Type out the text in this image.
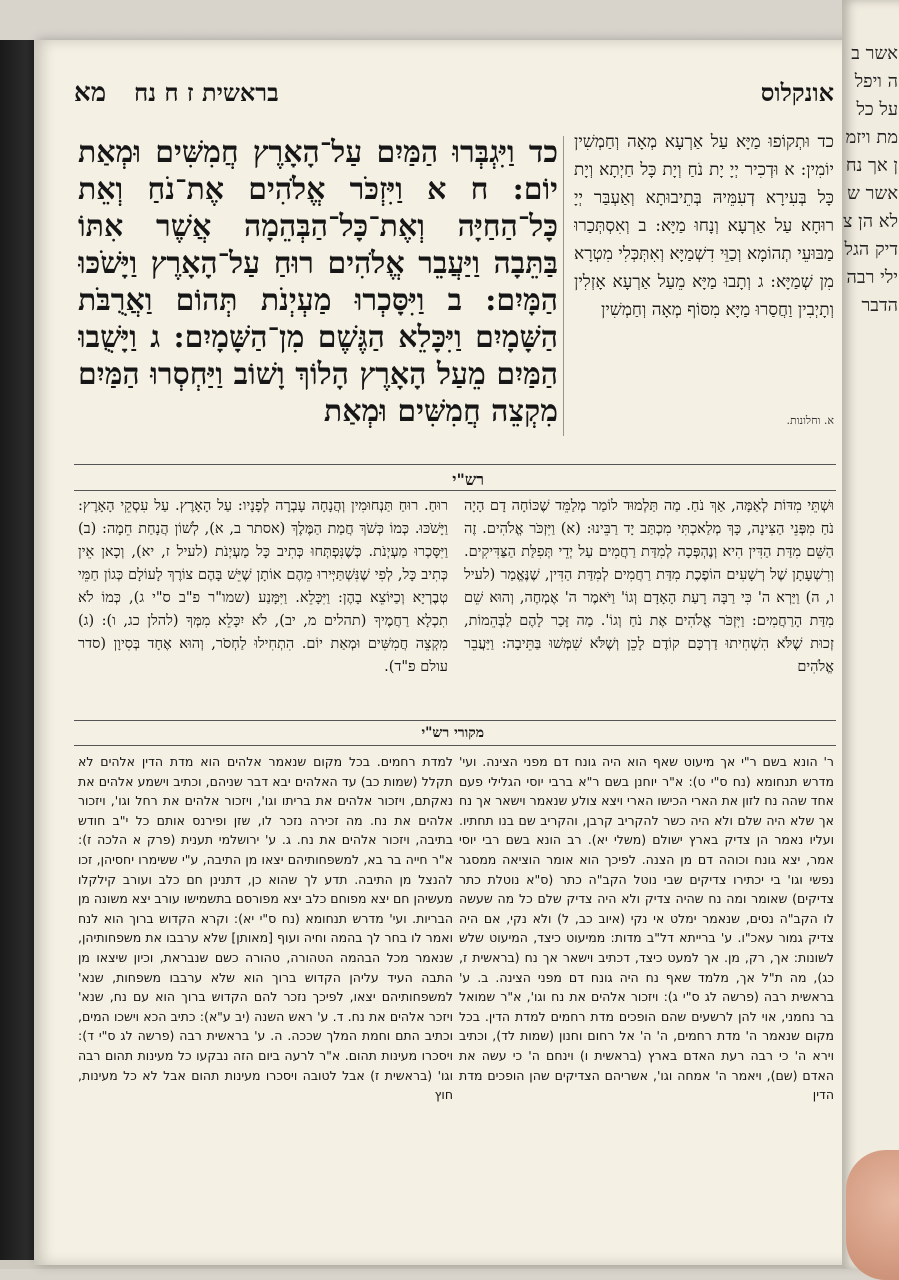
אונקלוס
בראשית ז ח נח
מא
כד וּתְקוֹפוּ מַיָּא עַל אַרְעָא מְאָה וְחַמְשִׁין יוֹמִין: א וּדְכִיר יְיָ יָת נֹחַ וְיָת כָּל חַיְתָא וְיָת כָּל בְּעִירָא דְעִמֵּיהּ בְּתֵיבוּתָא וְאַעְבַּר יְיָ רוּחָא עַל אַרְעָא וְנָחוּ מַיָּא: ב וְאִסְתְּכַרוּ מַבּוּעֵי תְהוֹמָא וְכַוֵּי דִשְׁמַיָּא וְאִתְּכְּלִי מִטְרָא מִן שְׁמַיָּא: ג וְתָבוּ מַיָּא מֵעַל אַרְעָא אָזְלִין וְתָיְבִין וַחֲסַרוּ מַיָּא מִסּוֹף מְאָה וְחַמְשִׁין
א. וחלונות.
כד וַיִּגְבְּרוּ הַמַּיִם עַל־הָאָרֶץ חֲמִשִּׁים וּמְאַת יוֹם: ח א וַיִּזְכֹּר אֱלֹהִים אֶת־נֹחַ וְאֵת כָּל־הַחַיָּה וְאֶת־כָּל־הַבְּהֵמָה אֲשֶׁר אִתּוֹ בַּתֵּבָה וַיַּעֲבֵר אֱלֹהִים רוּחַ עַל־הָאָרֶץ וַיָּשֹׁכּוּ הַמָּיִם: ב וַיִּסָּכְרוּ מַעְיְנֹת תְּהוֹם וַאֲרֻבֹּת הַשָּׁמָיִם וַיִּכָּלֵא הַגֶּשֶׁם מִן־הַשָּׁמָיִם: ג וַיָּשֻׁבוּ הַמַּיִם מֵעַל הָאָרֶץ הָלוֹךְ וָשׁוֹב וַיַּחְסְרוּ הַמַּיִם מִקְצֵה חֲמִשִּׁים וּמְאַת
רש"י
וּשְׁתֵּי מִדּוֹת לְאַמָּה, אַךְ נֹחַ. מַה תַּלְמוּד לוֹמַר מְלַמֵּד שֶׁכּוֹחָה דָם הָיָה נֹחַ מִפְּנֵי הַצִּינָה, כָּךְ מְלַאכְתִּי מִכְתַּב יָד רַבֵּינוּ: (א) וַיִּזְכֹּר אֱלֹהִים. זֶה הַשֵּׁם מִדַּת הַדִּין הִיא וְנֶהְפְּכָה לְמִדַּת רַחֲמִים עַל יְדֵי תְּפִלַּת הַצַּדִּיקִים. וְרִשְׁעָתָן שֶׁל רְשָׁעִים הוֹפֶכֶת מִדַּת רַחֲמִים לְמִדַּת הַדִּין, שֶׁנֶּאֱמַר (לעיל ו, ה) וַיַּרְא ה' כִּי רַבָּה רָעַת הָאָדָם וְגוֹ' וַיֹּאמֶר ה' אֶמְחֶה, וְהוּא שֵׁם מִדַּת הָרַחֲמִים: וַיִּזְכֹּר אֱלֹהִים אֶת נֹחַ וְגוֹ'. מַה זָּכַר לָהֶם לַבְּהֵמוֹת, זְכוּת שֶׁלֹּא הִשְׁחִיתוּ דַרְכָּם קוֹדֶם לָכֵן וְשֶׁלֹּא שִׁמְּשׁוּ בַּתֵּיבָה: וַיַּעֲבֵר אֱלֹהִים
רוּחַ. רוּחַ תַּנְחוּמִין וְהֲנָחָה עָבְרָה לְפָנָיו: עַל הָאָרֶץ. עַל עִסְקֵי הָאָרֶץ: וַיָּשֹׁכּוּ. כְּמוֹ כְּשֹׁךְ חֲמַת הַמֶּלֶךְ (אסתר ב, א), לְשׁוֹן הֲנָחַת חֵמָה: (ב) וַיִּסָּכְרוּ מַעְיְנֹת. כְּשֶׁנִּפְתְּחוּ כְּתִיב כָּל מַעְיְנֹת (לעיל ז, יא), וְכָאן אֵין כְּתִיב כָּל, לְפִי שֶׁנִּשְׁתַּיְּירוּ מֵהֶם אוֹתָן שֶׁיֵּשׁ בָּהֶם צוֹרֶךְ לָעוֹלָם כְּגוֹן חַמֵּי טְבֶרְיָא וְכַיּוֹצֵא בָהֶן: וַיִּכָּלֵא. וַיִּמָּנַע (שמו"ר פ"ב ס"י ג), כְּמוֹ לֹא תִכְלָא רַחֲמֶיךָ (תהלים מ, יב), לֹא יִכָּלֵא מִמְּךָ (להלן כג, ו): (ג) מִקְצֵה חֲמִשִּׁים וּמְאַת יוֹם. הִתְחִילוּ לַחְסֹר, וְהוּא אֶחָד בְּסִיוָן (סדר עולם פ"ד).
מקורי רש"י
ר' הונא בשם ר"י אך מיעוט שאף הוא היה גונח דם מפני הצינה. ועי' מדרש תנחומא (נח ס"י ט): א"ר יוחנן בשם ר"א ברבי יוסי הגלילי פעם אחד שהה נח לזון את הארי הכישו הארי ויצא צולע שנאמר וישאר אך נח אך שלא היה שלם ולא היה כשר להקריב קרבן, והקריב שם בנו תחתיו. ועליו נאמר הן צדיק בארץ ישולם (משלי יא). רב הונא בשם רבי יוסי אמר, יצא גונח וכוהה דם מן הצנה. לפיכך הוא אומר הוציאה ממסגר נפשי וגו' בי יכתירו צדיקים שבי נוטל הקב"ה כתר (ס"א נוטלת כתר צדיקים) שאומר ומה נח שהיה צדיק ולא היה צדיק שלם כל מה שעשה לו הקב"ה נסים, שנאמר ימלט אי נקי (איוב כב, ל) ולא נקי, אם היה צדיק גמור עאכ"ו. ע' ברייתא דל"ב מדות: ממיעוט כיצד, המיעוט שלש לשונות: אך, רק, מן. אך למעט כיצד, דכתיב וישאר אך נח (בראשית ז, כג), מה ת"ל אך, מלמד שאף נח היה גונח דם מפני הצינה. ב. ע' בראשית רבה (פרשה לג ס"י ג): ויזכור אלהים את נח וגו', א"ר שמואל בר נחמני, אוי להן לרשעים שהם הופכים מדת רחמים למדת הדין. בכל מקום שנאמר ה' מדת רחמים, ה' ה' אל רחום וחנון (שמות לד), וכתיב וירא ה' כי רבה רעת האדם בארץ (בראשית ו) וינחם ה' כי עשה את האדם (שם), ויאמר ה' אמחה וגו', אשריהם הצדיקים שהן הופכים מדת הדין
למדת רחמים. בכל מקום שנאמר אלהים הוא מדת הדין אלהים לא תקלל (שמות כב) עד האלהים יבא דבר שניהם, וכתיב וישמע אלהים את נאקתם, ויזכור אלהים את בריתו וגו', ויזכור אלהים את רחל וגו', ויזכור אלהים את נח. מה זכירה נזכר לו, שזן ופירנס אותם כל י"ב חודש בתיבה, ויזכור אלהים את נח. ג. ע' ירושלמי תענית (פרק א הלכה ז): א"ר חייה בר בא, למשפחותיהם יצאו מן התיבה, ע"י ששימרו יחסיהן, זכו להנצל מן התיבה. תדע לך שהוא כן, דתנינן חם כלב ועורב קילקלו מעשיהן חם יצא מפוחם כלב יצא מפורסם בתשמישו עורב יצא משונה מן הבריות. ועי' מדרש תנחומא (נח ס"י יא): וקרא הקדוש ברוך הוא לנח ואמר לו בחר לך בהמה וחיה ועוף [מאותן] שלא ערבבו את משפחותיהן, שנאמר מכל הבהמה הטהורה, טהורה כשם שנבראת, וכיון שיצאו מן התבה העיד עליהן הקדוש ברוך הוא שלא ערבבו משפחות, שנא' למשפחותיהם יצאו, לפיכך נזכר להם הקדוש ברוך הוא עם נח, שנא' ויזכר אלהים את נח. ד. ע' ראש השנה (יב ע"א): כתיב הכא וישכו המים, וכתיב התם וחמת המלך שככה. ה. ע' בראשית רבה (פרשה לג ס"י ד): ויסכרו מעינות תהום. א"ר לרעה ביום הזה נבקעו כל מעינות תהום רבה וגו' (בראשית ז) אבל לטובה ויסכרו מעינות תהום אבל לא כל מעינות, חוץ
אשר בה ויפל על כל מת ויזמן אך נח אשר שלא הן צדיק הגלילי רבה הדבר
